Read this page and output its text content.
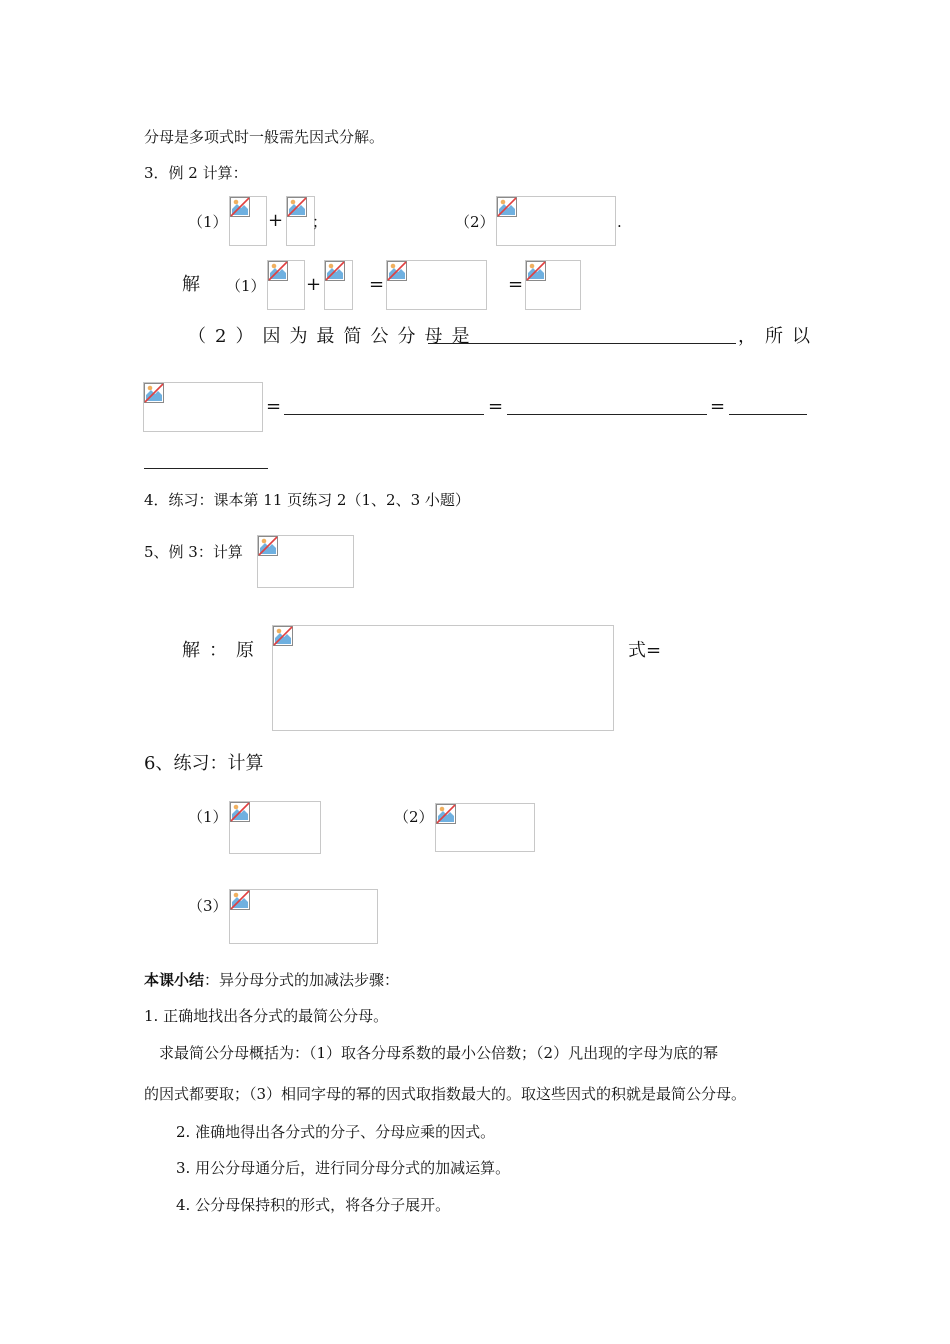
分母是多项式时一般需先因式分解。
3．例 2 计算：
（1） + ；	（2）	.
解 （1） +	=	=
（2）因为最简公分母是	，所以
=	=	=
4．练习：课本第 11 页练习 2（1、2、3 小题）
5、例 3：计算
解：原	式=
6、练习：计算
（1）	（2）
（3）
本课小结：异分母分式的加减法步骤：
1. 正确地找出各分式的最简公分母。
求最简公分母概括为：（1）取各分母系数的最小公倍数；（2）凡出现的字母为底的幂
的因式都要取；（3）相同字母的幂的因式取指数最大的。取这些因式的积就是最简公分母。
2. 准确地得出各分式的分子、分母应乘的因式。
3. 用公分母通分后，进行同分母分式的加减运算。
4. 公分母保持积的形式，将各分子展开。
